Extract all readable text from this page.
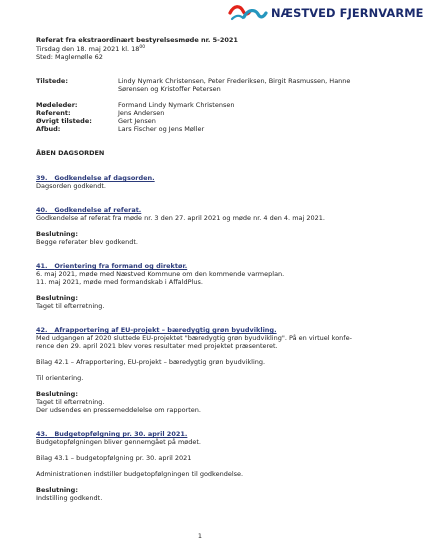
NÆSTVED FJERNVARME
Referat fra ekstraordinært bestyrelsesmøde nr. 5-2021
Tirsdag den 18. maj 2021 kl. $18^{00}$
Sted: Maglemølle 62
Tilstede:	Lindy Nymark Christensen, Peter Frederiksen, Birgit Rasmussen, Hanne Sørensen og Kristoffer Petersen
Mødeleder:	Formand Lindy Nymark Christensen
Referent:	Jens Andersen
Øvrigt tilstede:	Gert Jensen
Afbud:	Lars Fischer og Jens Møller
ÅBEN DAGSORDEN
39. Godkendelse af dagsorden.
Dagsorden godkendt.
40. Godkendelse af referat.
Godkendelse af referat fra møde nr. 3 den 27. april 2021 og møde nr. 4 den 4. maj 2021.
Beslutning:
Begge referater blev godkendt.
41. Orientering fra formand og direktør.
6. maj 2021, møde med Næstved Kommune om den kommende varmeplan.
11. maj 2021, møde med formandskab i AffaldPlus.
Beslutning:
Taget til efterretning.
42. Afrapportering af EU-projekt – bæredygtig grøn byudvikling.
Med udgangen af 2020 sluttede EU-projektet "bæredygtig grøn byudvikling". På en virtuel konfe-
rence den 29. april 2021 blev vores resultater med projektet præsenteret.
Bilag 42.1 – Afrapportering, EU-projekt – bæredygtig grøn byudvikling.
Til orientering.
Beslutning:
Taget til efterretning.
Der udsendes en pressemeddelelse om rapporten.
43. Budgetopfølgning pr. 30. april 2021.
Budgetopfølgningen bliver gennemgået på mødet.
Bilag 43.1 – budgetopfølgning pr. 30. april 2021
Administrationen indstiller budgetopfølgningen til godkendelse.
Beslutning:
Indstilling godkendt.
1
